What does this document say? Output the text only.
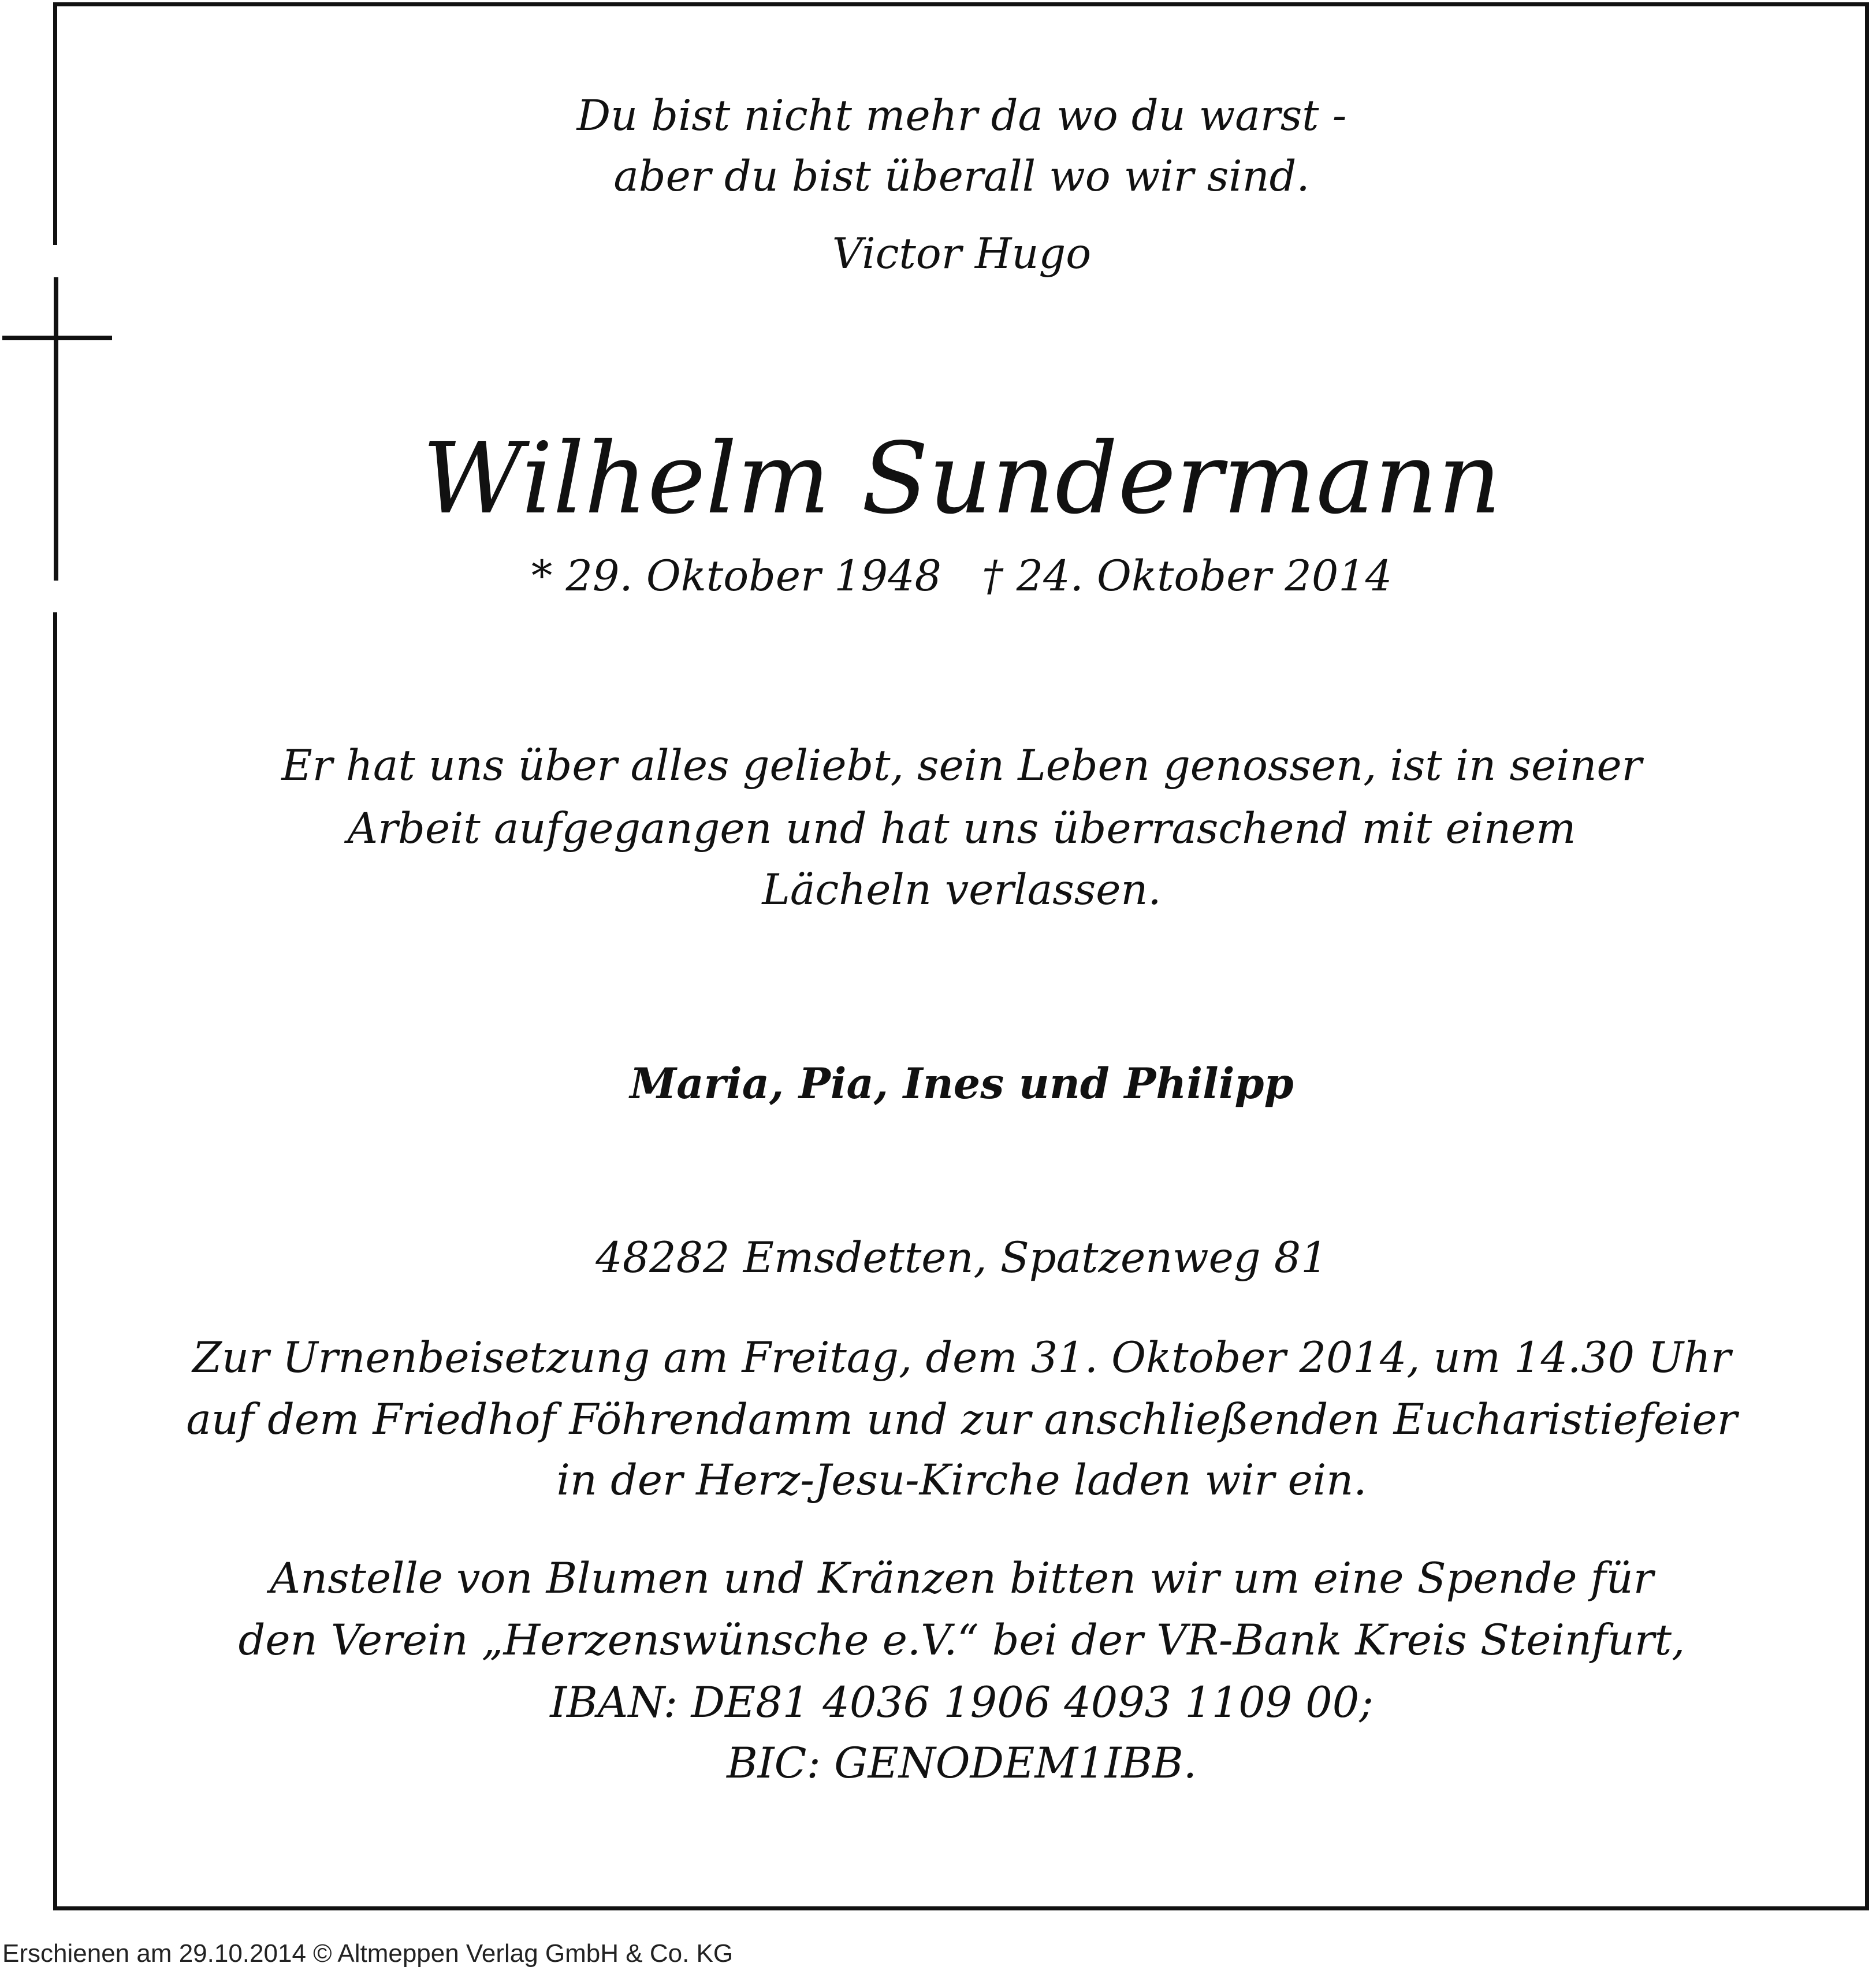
Du bist nicht mehr da wo du warst -
aber du bist überall wo wir sind.
Victor Hugo
Wilhelm Sundermann
* 29. Oktober 1948 † 24. Oktober 2014
Er hat uns über alles geliebt, sein Leben genossen, ist in seiner
Arbeit aufgegangen und hat uns überraschend mit einem
Lächeln verlassen.
Maria, Pia, Ines und Philipp
48282 Emsdetten, Spatzenweg 81
Zur Urnenbeisetzung am Freitag, dem 31. Oktober 2014, um 14.30 Uhr
auf dem Friedhof Föhrendamm und zur anschließenden Eucharistiefeier
in der Herz-Jesu-Kirche laden wir ein.
Anstelle von Blumen und Kränzen bitten wir um eine Spende für
den Verein „Herzenswünsche e.V.“ bei der VR-Bank Kreis Steinfurt,
IBAN: DE81 4036 1906 4093 1109 00;
BIC: GENODEM1IBB.
Erschienen am 29.10.2014 © Altmeppen Verlag GmbH & Co. KG
